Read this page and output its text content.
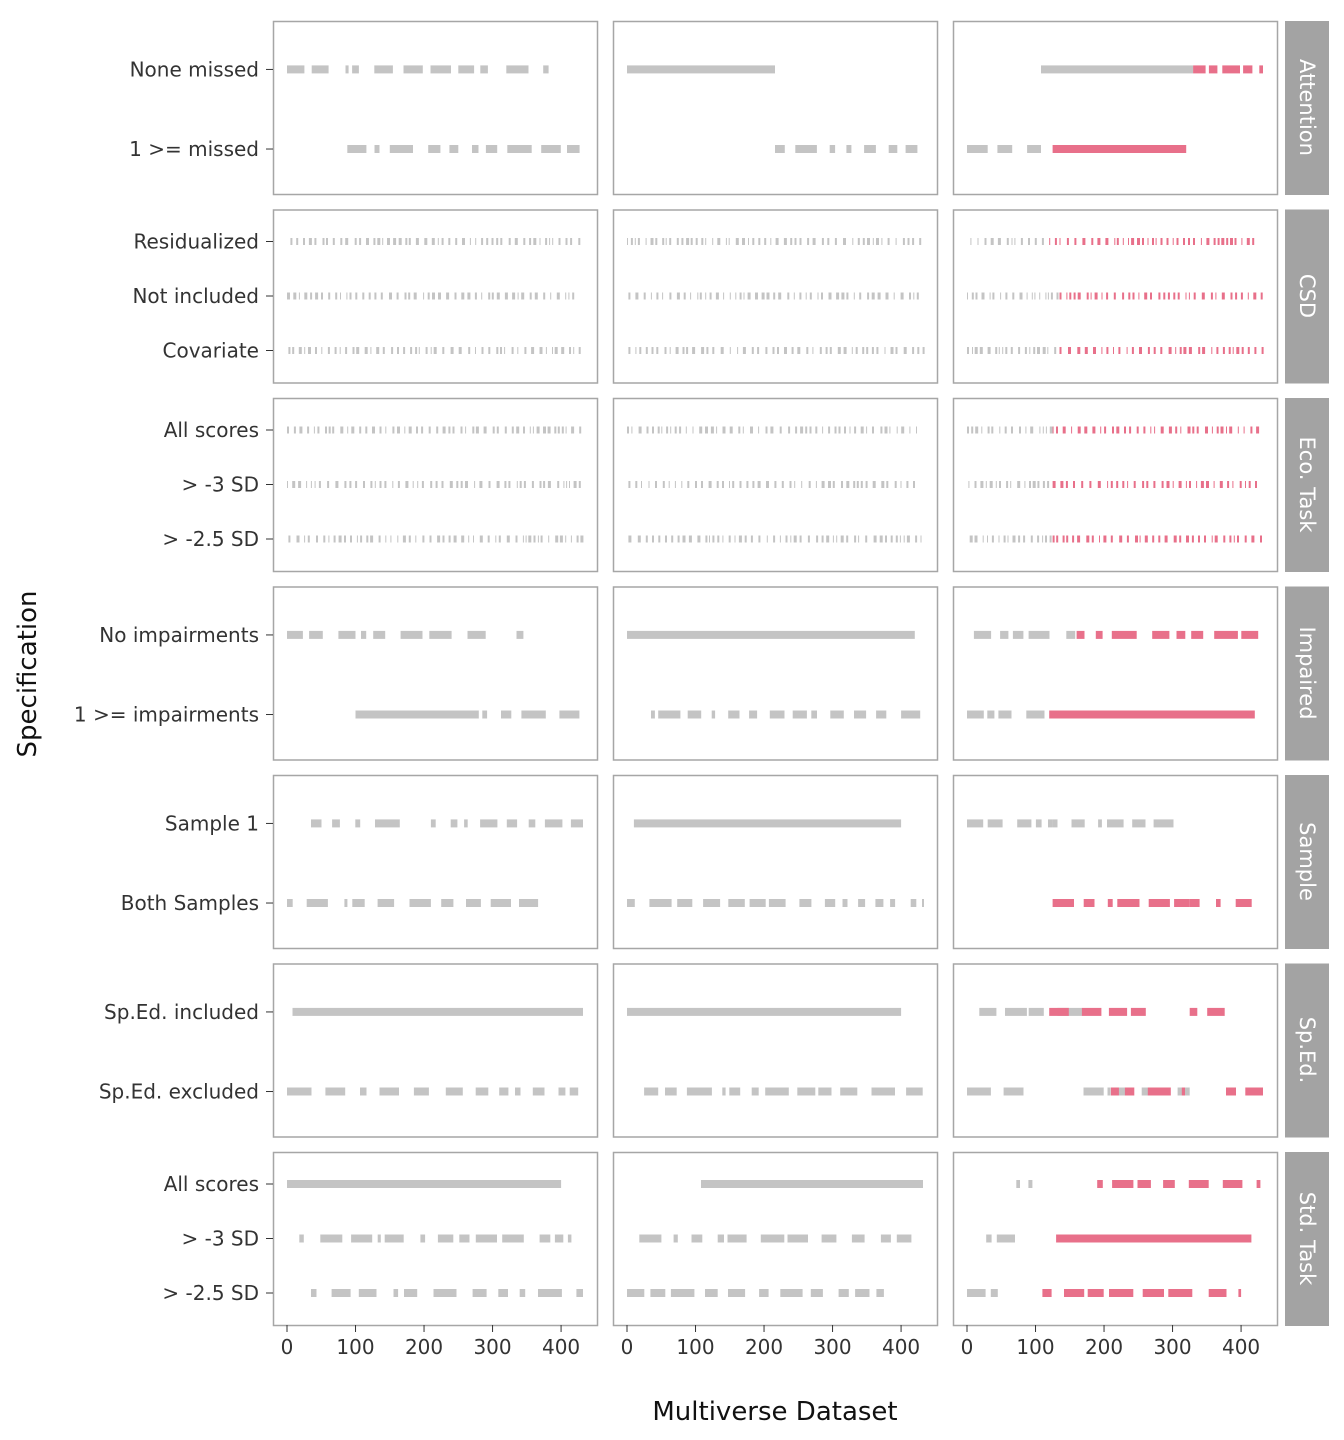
Attention
CSD
Eco. Task
Impaired
Sample
Sp.Ed.
Std. Task
None missed
1 >= missed
Residualized
Not included
Covariate
All scores
> -3 SD
> -2.5 SD
No impairments
1 >= impairments
Sample 1
Both Samples
Sp.Ed. included
Sp.Ed. excluded
All scores
> -3 SD
> -2.5 SD
0 100 200 300 400 0 100 200 300 400 0 100 200 300 400
Multiverse Dataset
Specification
